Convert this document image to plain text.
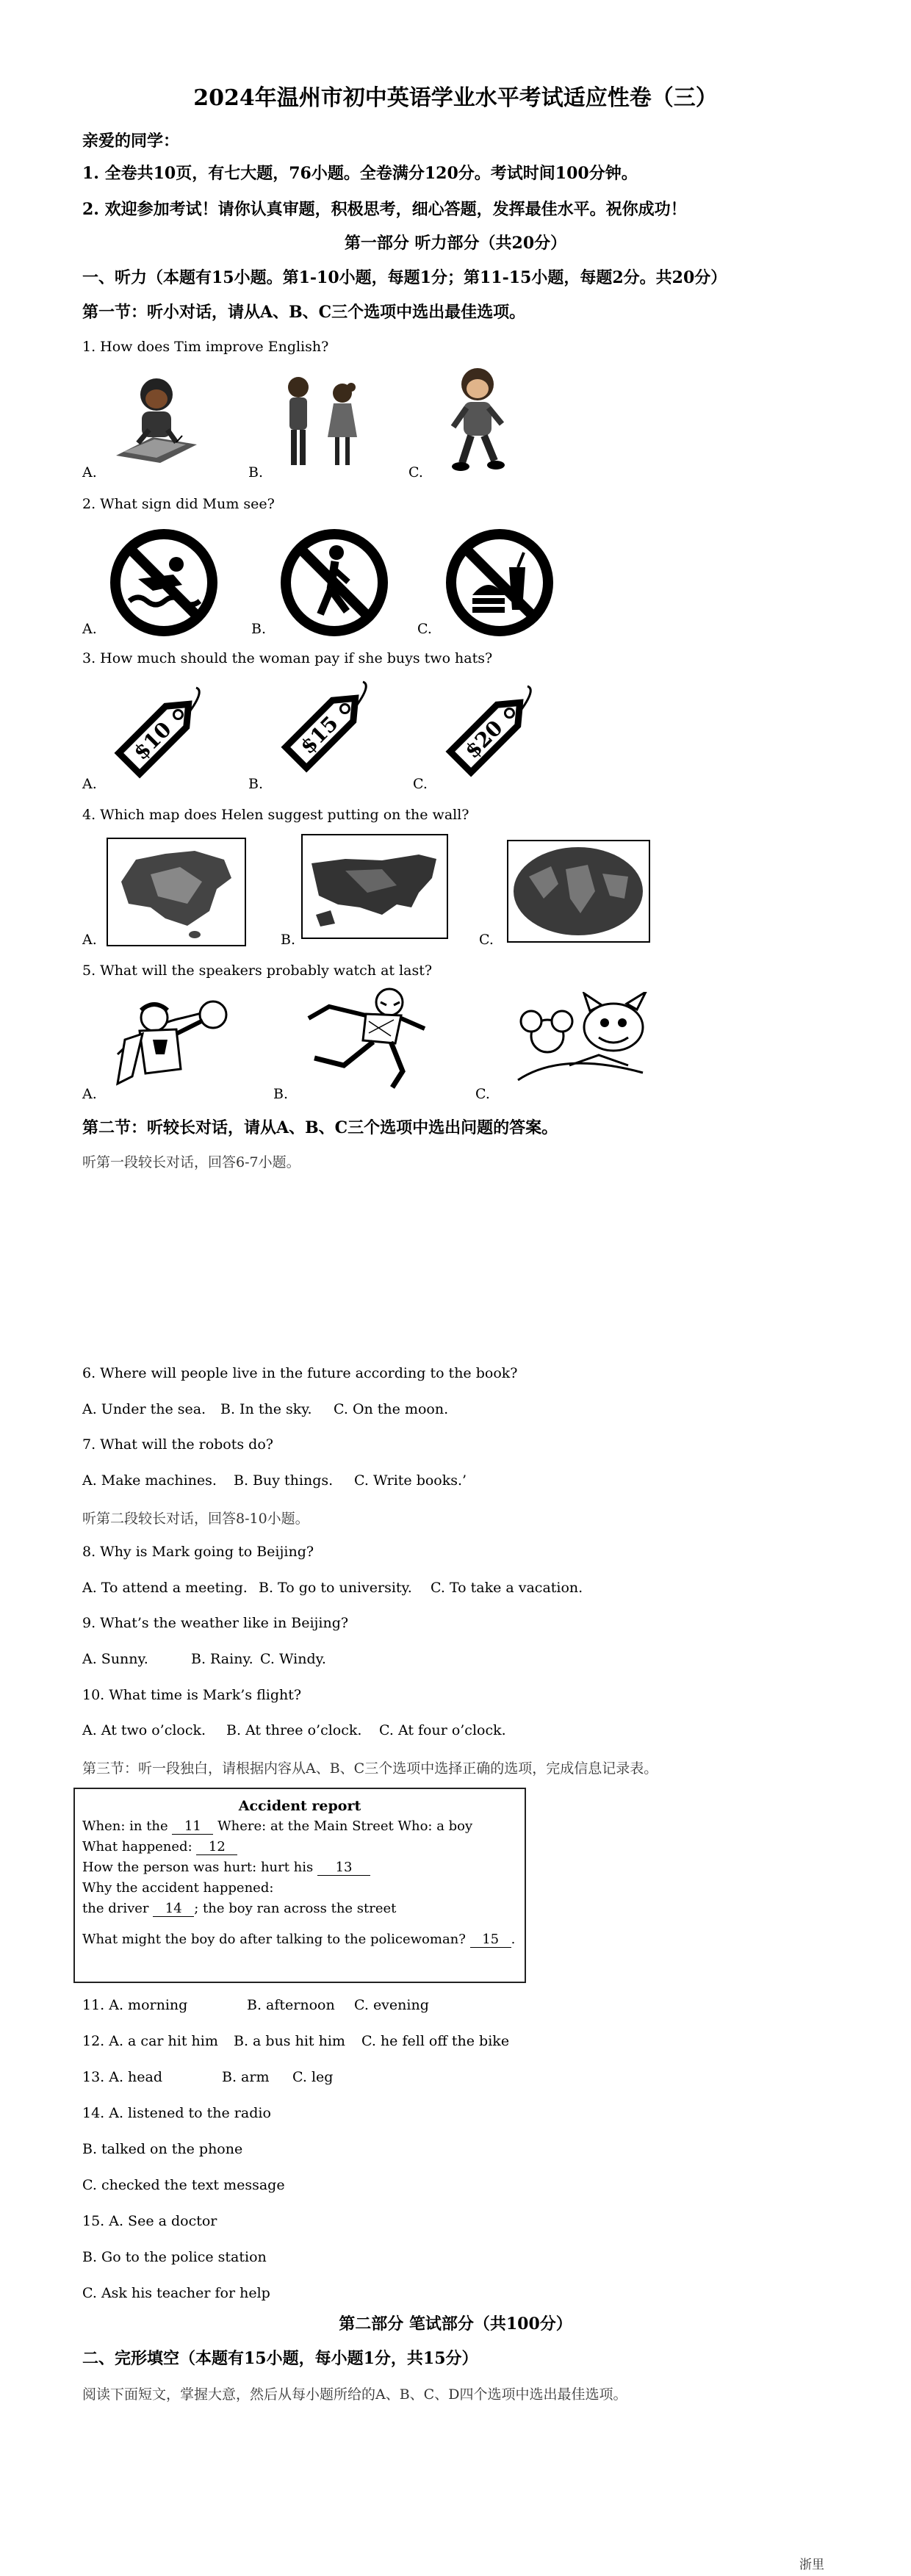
2024年温州市初中英语学业水平考试适应性卷（三）
亲爱的同学：
1. 全卷共10页，有七大题，76小题。全卷满分120分。考试时间100分钟。
2. 欢迎参加考试！请你认真审题，积极思考，细心答题，发挥最佳水平。祝你成功！
第一部分 听力部分（共20分）
一、听力（本题有15小题。第1-10小题，每题1分；第11-15小题，每题2分。共20分）
第一节：听小对话，请从A、B、C三个选项中选出最佳选项。
1. How does Tim improve English?
A.	B.	C.
2. What sign did Mum see?
A.	B.	C.
3. How much should the woman pay if she buys two hats?
$10
A.
$15
B.
$20
C.
4. Which map does Helen suggest putting on the wall?
A.	B.	C.
5. What will the speakers probably watch at last?
A.	B.	C.
第二节：听较长对话，请从A、B、C三个选项中选出问题的答案。
听第一段较长对话，回答6-7小题。
6. Where will people live in the future according to the book?
A. Under the sea. B. In the sky. C. On the moon.
7. What will the robots do?
A. Make machines. B. Buy things. C. Write books.’
听第二段较长对话，回答8-10小题。
8. Why is Mark going to Beijing?
A. To attend a meeting. B. To go to university. C. To take a vacation.
9. What’s the weather like in Beijing?
A. Sunny.	B. Rainy. C. Windy.
10. What time is Mark’s flight?
A. At two o’clock. B. At three o’clock. C. At four o’clock.
第三节：听一段独白，请根据内容从A、B、C三个选项中选择正确的选项，完成信息记录表。
Accident report
When: in the 11 Where: at the Main Street Who: a boy
What happened: 12
How the person was hurt: hurt his 13
Why the accident happened:
the driver 14 ; the boy ran across the street
What might the boy do after talking to the policewoman? 15 .
11. A. morning	B. afternoon C. evening
12. A. a car hit him B. a bus hit him C. he fell off the bike
13. A. head	B. arm C. leg
14. A. listened to the radio
B. talked on the phone
C. checked the text message
15. A. See a doctor
B. Go to the police station
C. Ask his teacher for help
第二部分 笔试部分（共100分）
二、完形填空（本题有15小题，每小题1分，共15分）
阅读下面短文，掌握大意，然后从每小题所给的A、B、C、D四个选项中选出最佳选项。
浙里
